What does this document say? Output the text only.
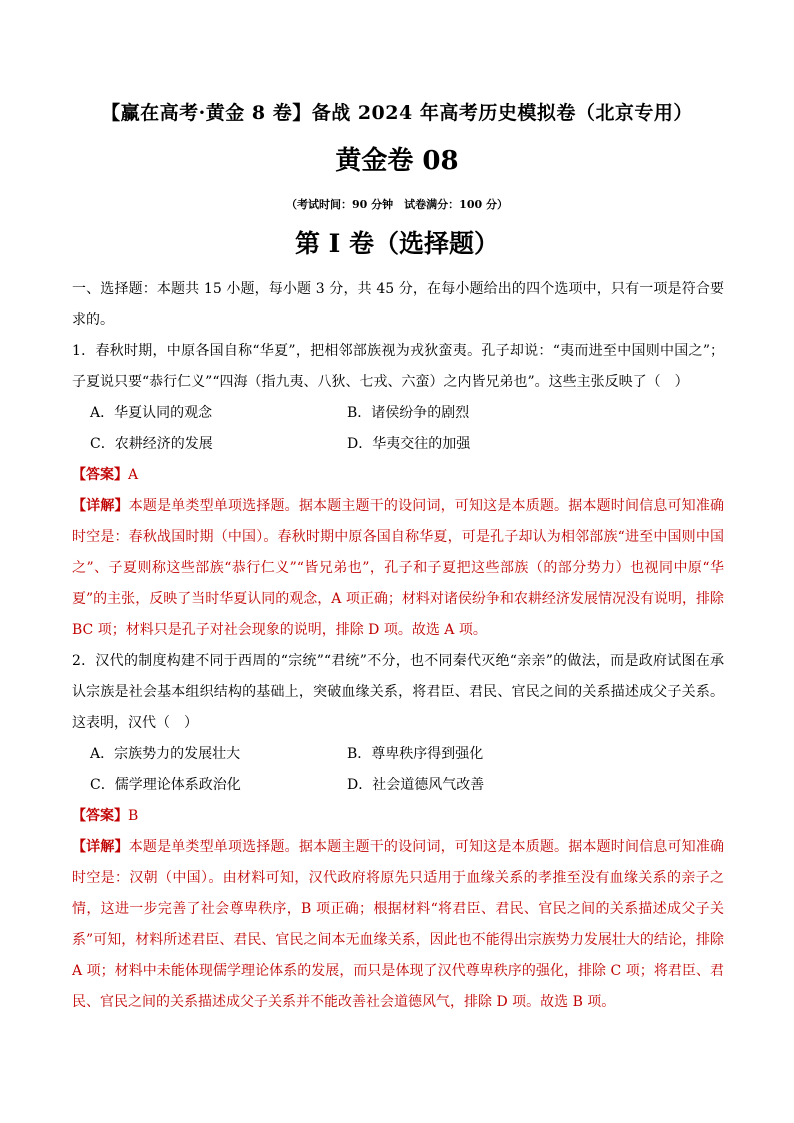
【赢在高考·黄金 8 卷】备战 2024 年高考历史模拟卷（北京专用）
黄金卷 08
（考试时间：90 分钟　试卷满分：100 分）
第 I 卷（选择题）

一、选择题：本题共 15 小题，每小题 3 分，共 45 分，在每小题给出的四个选项中，只有一项是符合要求的。

1．春秋时期，中原各国自称“华夏”，把相邻部族视为戎狄蛮夷。孔子却说：“夷而进至中国则中国之”；子夏说只要“恭行仁义”“四海（指九夷、八狄、七戎、六蛮）之内皆兄弟也”。这些主张反映了（　）

A．华夏认同的观念	B．诸侯纷争的剧烈
C．农耕经济的发展	D．华夷交往的加强

【答案】A

【详解】本题是单类型单项选择题。据本题主题干的设问词，可知这是本质题。据本题时间信息可知准确时空是：春秋战国时期（中国）。春秋时期中原各国自称华夏，可是孔子却认为相邻部族“进至中国则中国之”、子夏则称这些部族“恭行仁义”“皆兄弟也”，孔子和子夏把这些部族（的部分势力）也视同中原“华夏”的主张，反映了当时华夏认同的观念，A 项正确；材料对诸侯纷争和农耕经济发展情况没有说明，排除 BC 项；材料只是孔子对社会现象的说明，排除 D 项。故选 A 项。

2．汉代的制度构建不同于西周的“宗统”“君统”不分，也不同秦代灭绝“亲亲”的做法，而是政府试图在承认宗族是社会基本组织结构的基础上，突破血缘关系，将君臣、君民、官民之间的关系描述成父子关系。这表明，汉代（　）

A．宗族势力的发展壮大	B．尊卑秩序得到强化
C．儒学理论体系政治化	D．社会道德风气改善

【答案】B

【详解】本题是单类型单项选择题。据本题主题干的设问词，可知这是本质题。据本题时间信息可知准确时空是：汉朝（中国）。由材料可知，汉代政府将原先只适用于血缘关系的孝推至没有血缘关系的亲子之情，这进一步完善了社会尊卑秩序，B 项正确；根据材料“将君臣、君民、官民之间的关系描述成父子关系”可知，材料所述君臣、君民、官民之间本无血缘关系，因此也不能得出宗族势力发展壮大的结论，排除 A 项；材料中未能体现儒学理论体系的发展，而只是体现了汉代尊卑秩序的强化，排除 C 项；将君臣、君民、官民之间的关系描述成父子关系并不能改善社会道德风气，排除 D 项。故选 B 项。
